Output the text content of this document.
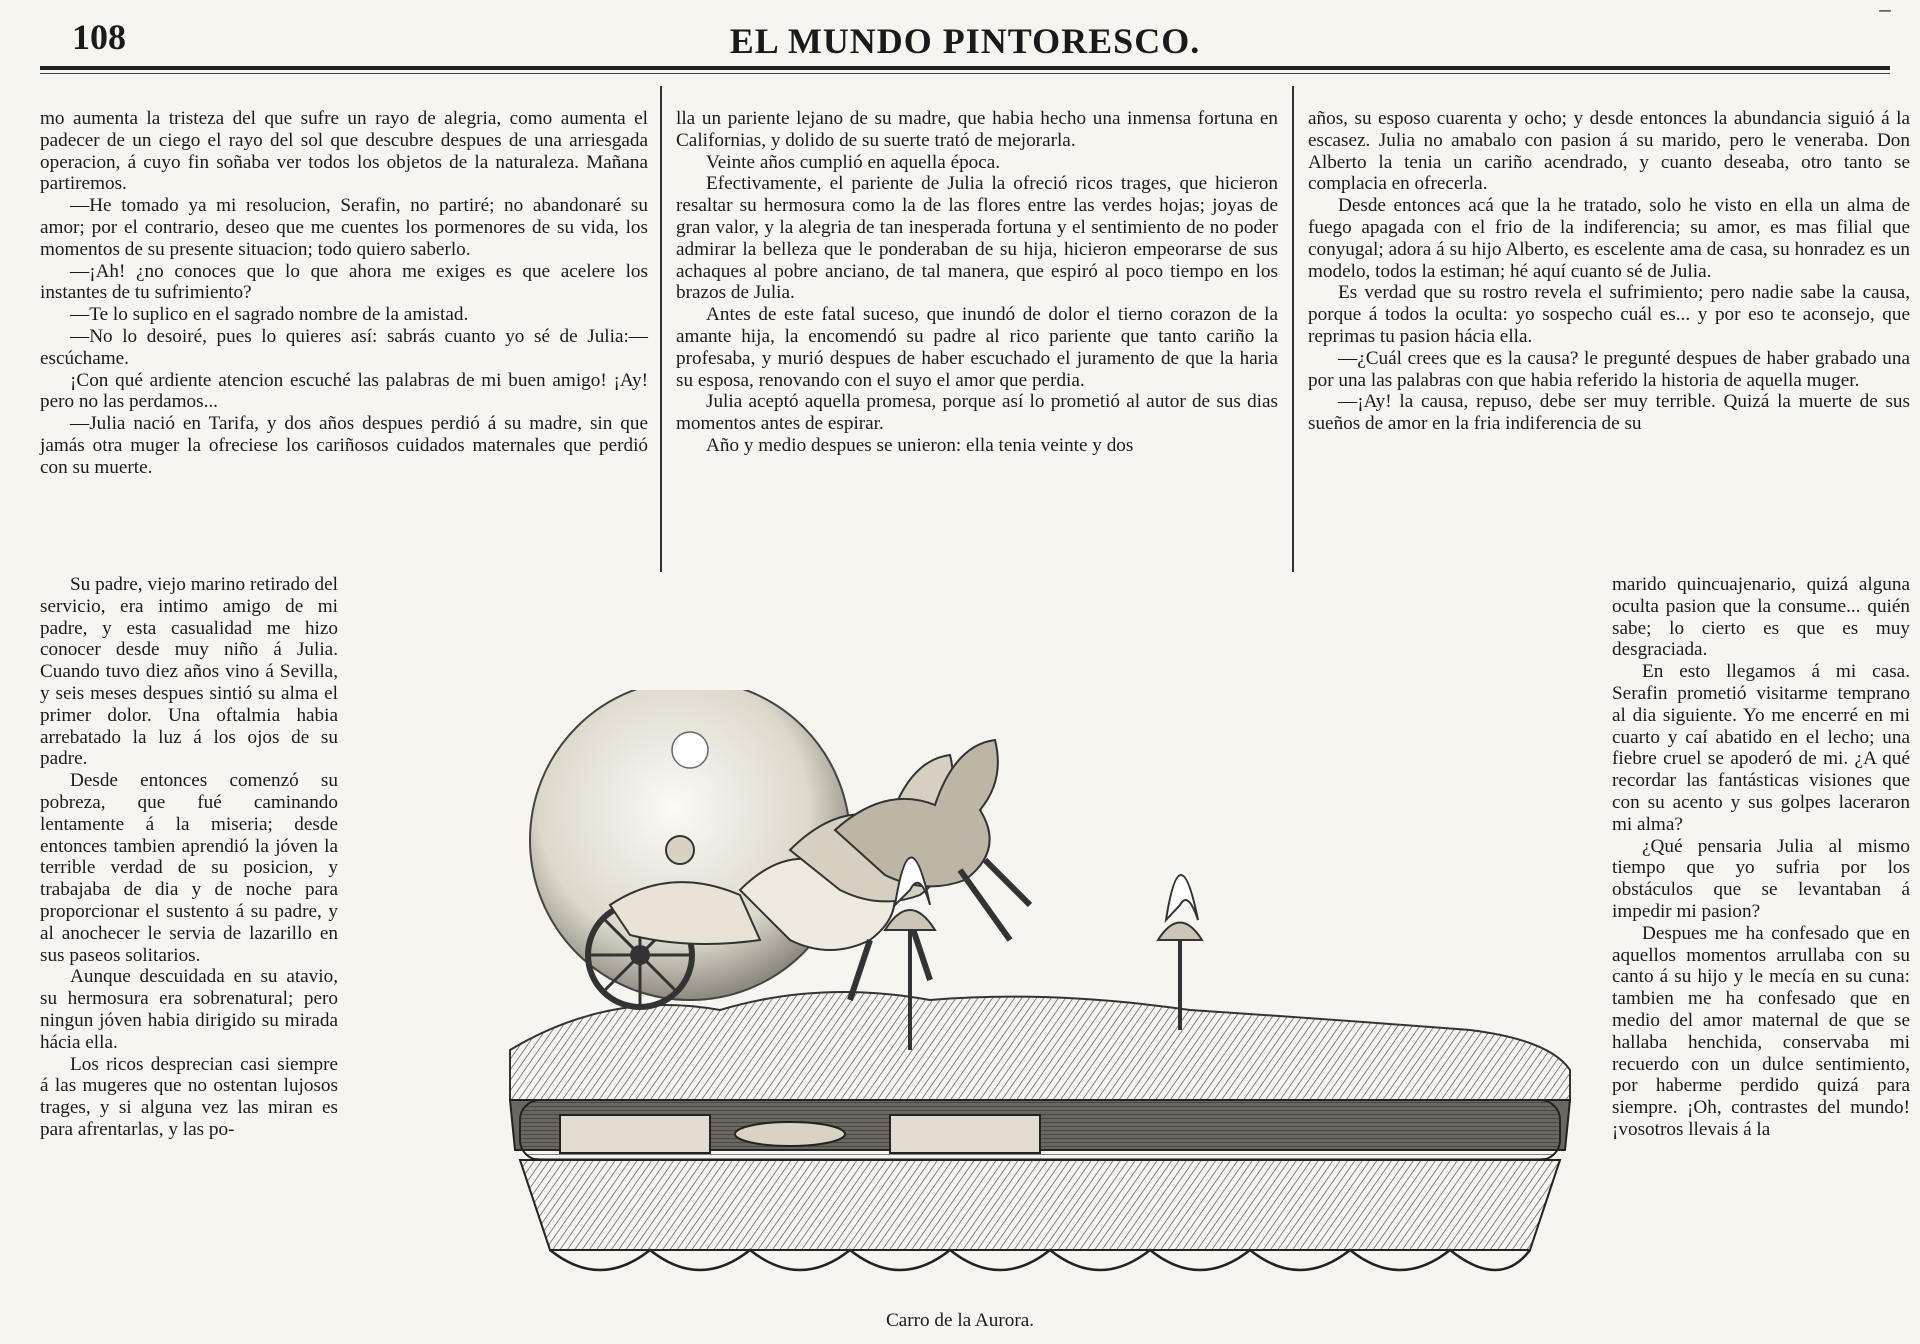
108	EL MUNDO PINTORESCO.	‾

mo aumenta la tristeza del que sufre un rayo de alegria, como aumenta el padecer de un ciego el rayo del sol que descubre despues de una arriesgada operacion, á cuyo fin soñaba ver todos los objetos de la naturaleza. Mañana partiremos.

—He tomado ya mi resolucion, Serafin, no partiré; no abandonaré su amor; por el contrario, deseo que me cuentes los pormenores de su vida, los momentos de su presente situacion; todo quiero saberlo.

—¡Ah! ¿no conoces que lo que ahora me exiges es que acelere los instantes de tu sufrimiento?

—Te lo suplico en el sagrado nombre de la amistad.

—No lo desoiré, pues lo quieres así: sabrás cuanto yo sé de Julia:—escúchame.

¡Con qué ardiente atencion escuché las palabras de mi buen amigo! ¡Ay! pero no las perdamos...

—Julia nació en Tarifa, y dos años despues perdió á su madre, sin que jamás otra muger la ofreciese los cariñosos cuidados maternales que perdió con su muerte.

lla un pariente lejano de su madre, que habia hecho una inmensa fortuna en Californias, y dolido de su suerte trató de mejorarla.

Veinte años cumplió en aquella época.

Efectivamente, el pariente de Julia la ofreció ricos trages, que hicieron resaltar su hermosura como la de las flores entre las verdes hojas; joyas de gran valor, y la alegria de tan inesperada fortuna y el sentimiento de no poder admirar la belleza que le ponderaban de su hija, hicieron empeorarse de sus achaques al pobre anciano, de tal manera, que espiró al poco tiempo en los brazos de Julia.

Antes de este fatal suceso, que inundó de dolor el tierno corazon de la amante hija, la encomendó su padre al rico pariente que tanto cariño la profesaba, y murió despues de haber escuchado el juramento de que la haria su esposa, renovando con el suyo el amor que perdia.

Julia aceptó aquella promesa, porque así lo prometió al autor de sus dias momentos antes de espirar.

Año y medio despues se unieron: ella tenia veinte y dos

años, su esposo cuarenta y ocho; y desde entonces la abundancia siguió á la escasez. Julia no amabalo con pasion á su marido, pero le veneraba. Don Alberto la tenia un cariño acendrado, y cuanto deseaba, otro tanto se complacia en ofrecerla.

Desde entonces acá que la he tratado, solo he visto en ella un alma de fuego apagada con el frio de la indiferencia; su amor, es mas filial que conyugal; adora á su hijo Alberto, es escelente ama de casa, su honradez es un modelo, todos la estiman; hé aquí cuanto sé de Julia.

Es verdad que su rostro revela el sufrimiento; pero nadie sabe la causa, porque á todos la oculta: yo sospecho cuál es... y por eso te aconsejo, que reprimas tu pasion hácia ella.

—¿Cuál crees que es la causa? le pregunté despues de haber grabado una por una las palabras con que habia referido la historia de aquella muger.

—¡Ay! la causa, repuso, debe ser muy terrible. Quizá la muerte de sus sueños de amor en la fria indiferencia de su

Su padre, viejo marino retirado del servicio, era intimo amigo de mi padre, y esta casualidad me hizo conocer desde muy niño á Julia. Cuando tuvo diez años vino á Sevilla, y seis meses despues sintió su alma el primer dolor. Una oftalmia habia arrebatado la luz á los ojos de su padre.

Desde entonces comenzó su pobreza, que fué caminando lentamente á la miseria; desde entonces tambien aprendió la jóven la terrible verdad de su posicion, y trabajaba de dia y de noche para proporcionar el sustento á su padre, y al anochecer le servia de lazarillo en sus paseos solitarios.

Aunque descuidada en su atavio, su hermosura era sobrenatural; pero ningun jóven habia dirigido su mirada hácia ella.

Los ricos desprecian casi siempre á las mugeres que no ostentan lujosos trages, y si alguna vez las miran es para afrentarlas, y las po-

marido quincuajenario, quizá alguna oculta pasion que la consume... quién sabe; lo cierto es que es muy desgraciada.

En esto llegamos á mi casa. Serafin prometió visitarme temprano al dia siguiente. Yo me encerré en mi cuarto y caí abatido en el lecho; una fiebre cruel se apoderó de mi. ¿A qué recordar las fantásticas visiones que con su acento y sus golpes laceraron mi alma?

¿Qué pensaria Julia al mismo tiempo que yo sufria por los obstáculos que se levantaban á impedir mi pasion?

Despues me ha confesado que en aquellos momentos arrullaba con su canto á su hijo y le mecía en su cuna: tambien me ha confesado que en medio del amor maternal de que se hallaba henchida, conservaba mi recuerdo con un dulce sentimiento, por haberme perdido quizá para siempre. ¡Oh, contrastes del mundo! ¡vosotros llevais á la

Carro de la Aurora.
